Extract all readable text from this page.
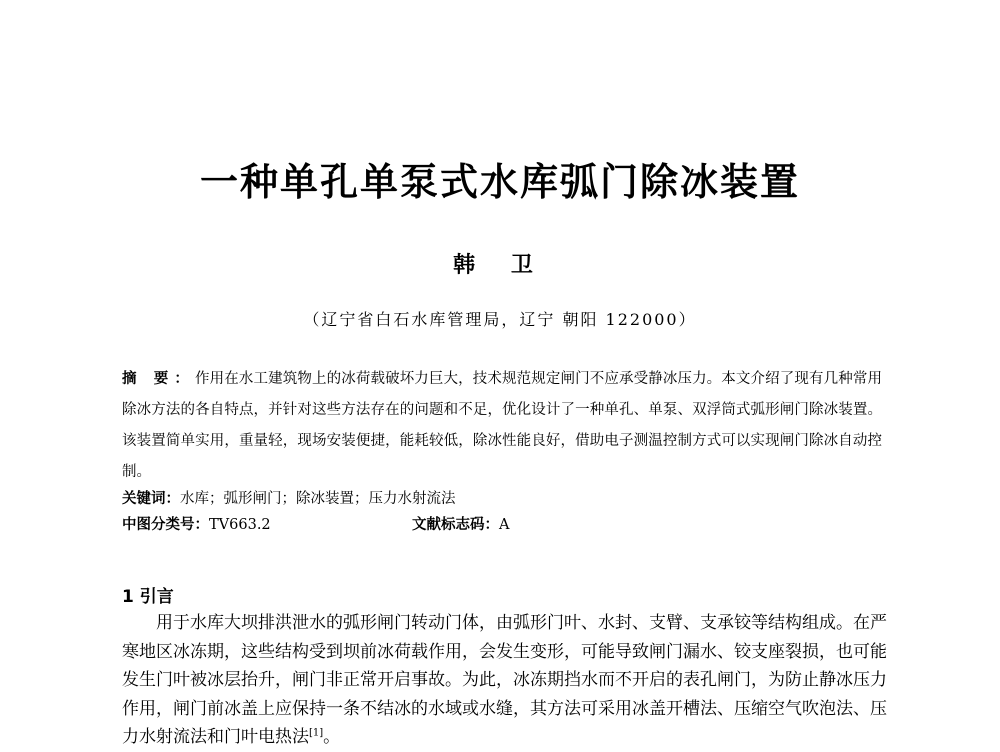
一种单孔单泵式水库弧门除冰装置
韩 卫
（辽宁省白石水库管理局，辽宁 朝阳 122000）
摘 要：作用在水工建筑物上的冰荷载破坏力巨大，技术规范规定闸门不应承受静冰压力。本文介绍了现有几种常用除冰方法的各自特点，并针对这些方法存在的问题和不足，优化设计了一种单孔、单泵、双浮筒式弧形闸门除冰装置。该装置简单实用，重量轻，现场安装便捷，能耗较低，除冰性能良好，借助电子测温控制方式可以实现闸门除冰自动控制。
关键词：水库；弧形闸门；除冰装置；压力水射流法
中图分类号：TV663.2	文献标志码：A
1 引言
用于水库大坝排洪泄水的弧形闸门转动门体，由弧形门叶、水封、支臂、支承铰等结构组成。在严寒地区冰冻期，这些结构受到坝前冰荷载作用，会发生变形，可能导致闸门漏水、铰支座裂损，也可能发生门叶被冰层抬升，闸门非正常开启事故。为此，冰冻期挡水而不开启的表孔闸门，为防止静冰压力作用，闸门前冰盖上应保持一条不结冰的水域或水缝，其方法可采用冰盖开槽法、压缩空气吹泡法、压力水射流法和门叶电热法[1]。
